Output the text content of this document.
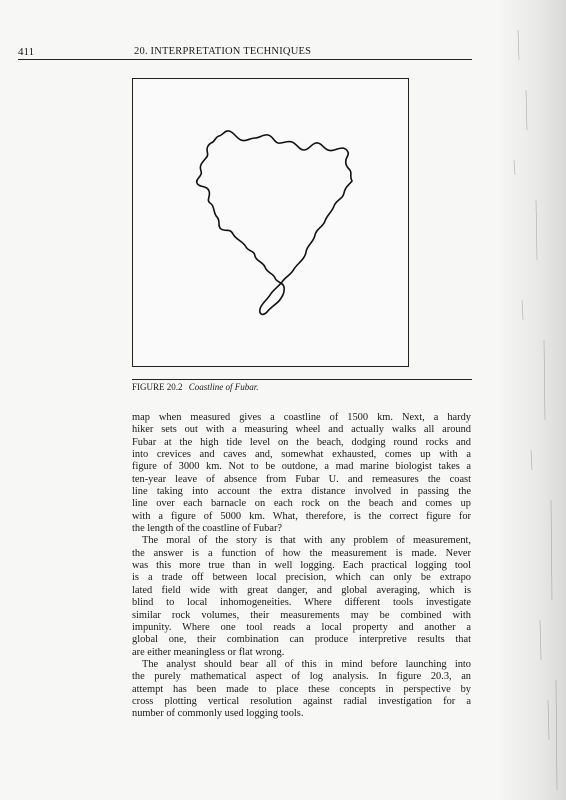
411	20. INTERPRETATION TECHNIQUES
FIGURE 20.2 Coastline of Fubar.
map when measured gives a coastline of 1500 km. Next, a hardy
hiker sets out with a measuring wheel and actually walks all around
Fubar at the high tide level on the beach, dodging round rocks and
into crevices and caves and, somewhat exhausted, comes up with a
figure of 3000 km. Not to be outdone, a mad marine biologist takes a
ten-year leave of absence from Fubar U. and remeasures the coast
line taking into account the extra distance involved in passing the
line over each barnacle on each rock on the beach and comes up
with a figure of 5000 km. What, therefore, is the correct figure for
the length of the coastline of Fubar?
The moral of the story is that with any problem of measurement,
the answer is a function of how the measurement is made. Never
was this more true than in well logging. Each practical logging tool
is a trade off between local precision, which can only be extrapo
lated field wide with great danger, and global averaging, which is
blind to local inhomogeneities. Where different tools investigate
similar rock volumes, their measurements may be combined with
impunity. Where one tool reads a local property and another a
global one, their combination can produce interpretive results that
are either meaningless or flat wrong.
The analyst should bear all of this in mind before launching into
the purely mathematical aspect of log analysis. In figure 20.3, an
attempt has been made to place these concepts in perspective by
cross plotting vertical resolution against radial investigation for a
number of commonly used logging tools.
